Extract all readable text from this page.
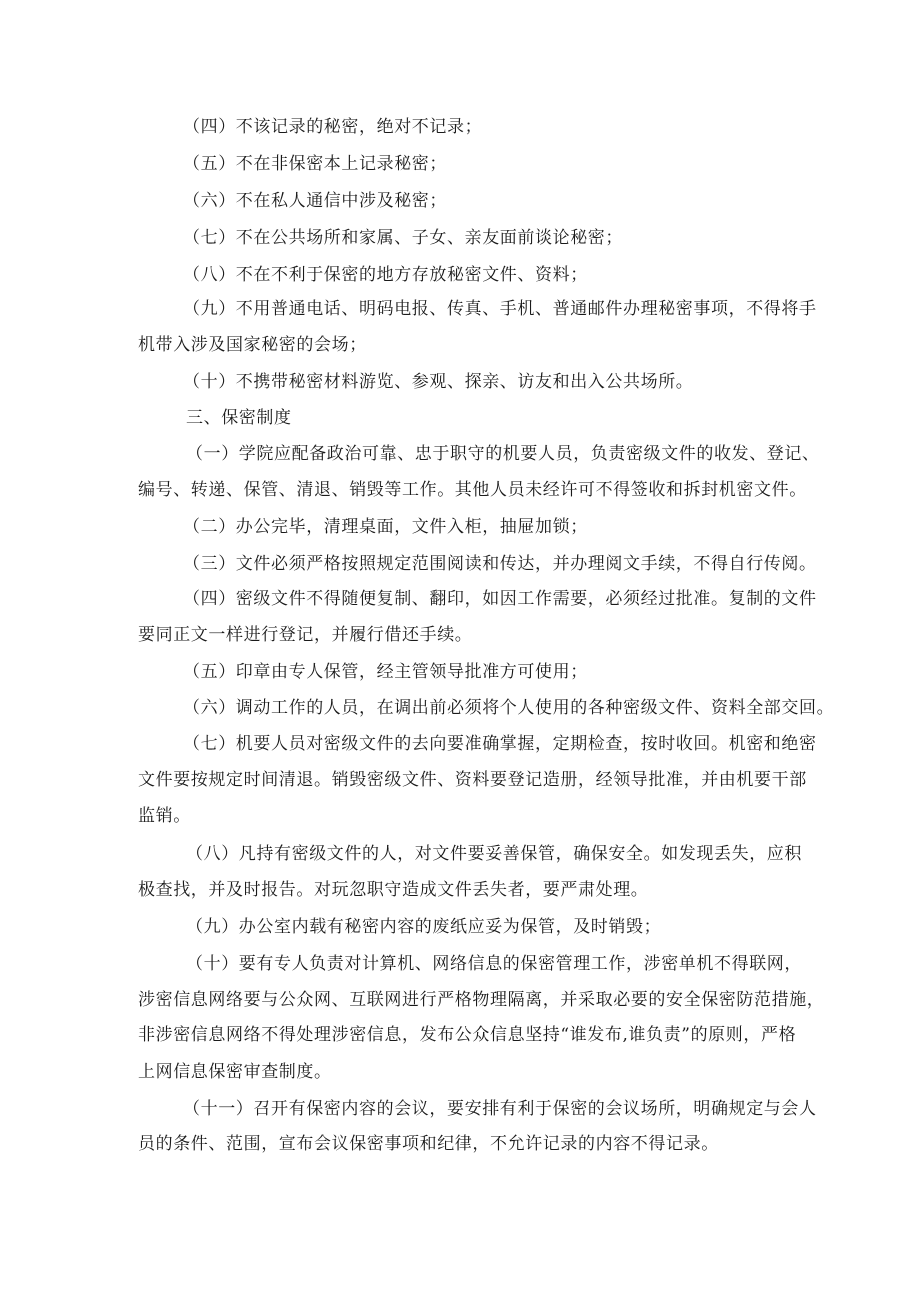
（四）不该记录的秘密，绝对不记录；
（五）不在非保密本上记录秘密；
（六）不在私人通信中涉及秘密；
（七）不在公共场所和家属、子女、亲友面前谈论秘密；
（八）不在不利于保密的地方存放秘密文件、资料；
（九）不用普通电话、明码电报、传真、手机、普通邮件办理秘密事项，不得将手
机带入涉及国家秘密的会场；
（十）不携带秘密材料游览、参观、探亲、访友和出入公共场所。
三、保密制度
（一）学院应配备政治可靠、忠于职守的机要人员，负责密级文件的收发、登记、
编号、转递、保管、清退、销毁等工作。其他人员未经许可不得签收和拆封机密文件。
（二）办公完毕，清理桌面，文件入柜，抽屉加锁；
（三）文件必须严格按照规定范围阅读和传达，并办理阅文手续，不得自行传阅。
（四）密级文件不得随便复制、翻印，如因工作需要，必须经过批准。复制的文件
要同正文一样进行登记，并履行借还手续。
（五）印章由专人保管，经主管领导批准方可使用；
（六）调动工作的人员，在调出前必须将个人使用的各种密级文件、资料全部交回。
（七）机要人员对密级文件的去向要准确掌握，定期检查，按时收回。机密和绝密
文件要按规定时间清退。销毁密级文件、资料要登记造册，经领导批准，并由机要干部
监销。
（八）凡持有密级文件的人，对文件要妥善保管，确保安全。如发现丢失，应积
极查找，并及时报告。对玩忽职守造成文件丢失者，要严肃处理。
（九）办公室内载有秘密内容的废纸应妥为保管，及时销毁；
（十）要有专人负责对计算机、网络信息的保密管理工作，涉密单机不得联网，
涉密信息网络要与公众网、互联网进行严格物理隔离，并采取必要的安全保密防范措施，
非涉密信息网络不得处理涉密信息，发布公众信息坚持“谁发布,谁负责”的原则，严格
上网信息保密审查制度。
（十一）召开有保密内容的会议，要安排有利于保密的会议场所，明确规定与会人
员的条件、范围，宣布会议保密事项和纪律，不允许记录的内容不得记录。
